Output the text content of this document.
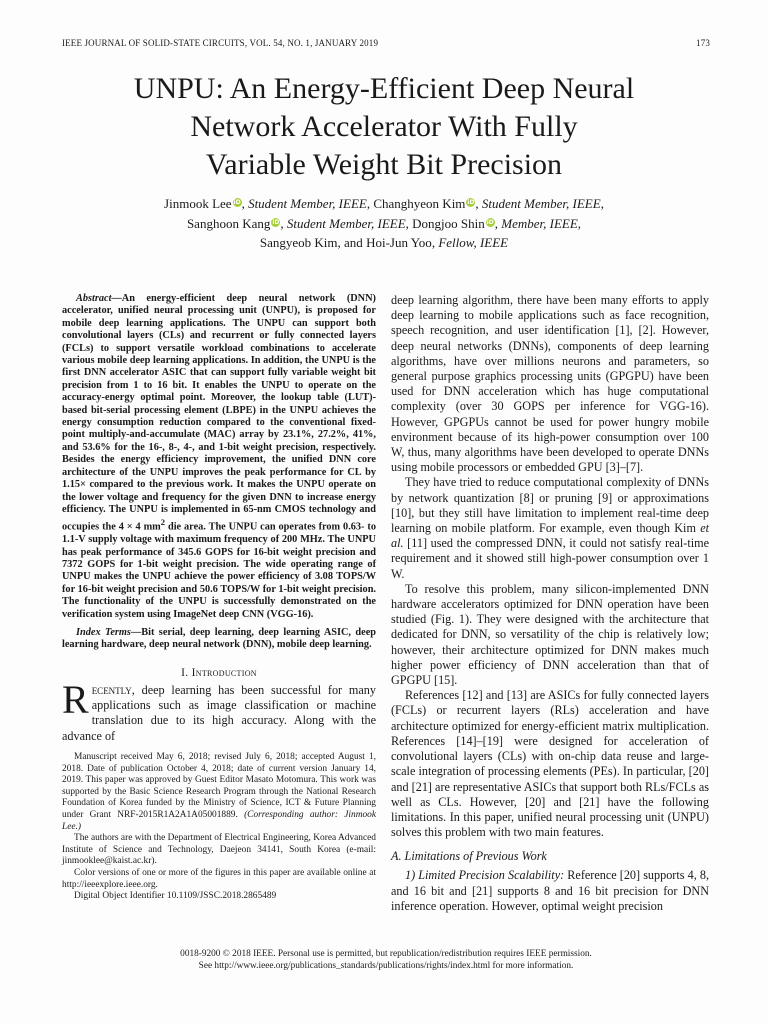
IEEE JOURNAL OF SOLID-STATE CIRCUITS, VOL. 54, NO. 1, JANUARY 2019	173
UNPU: An Energy-Efficient Deep Neural
Network Accelerator With Fully
Variable Weight Bit Precision
Jinmook Lee iD, Student Member, IEEE, Changhyeon Kim iD, Student Member, IEEE,
Sanghoon Kang iD, Student Member, IEEE, Dongjoo Shin iD, Member, IEEE,
Sangyeob Kim, and Hoi-Jun Yoo, Fellow, IEEE
Abstract—An energy-efficient deep neural network (DNN) accelerator, unified neural processing unit (UNPU), is proposed for mobile deep learning applications. The UNPU can support both convolutional layers (CLs) and recurrent or fully connected layers (FCLs) to support versatile workload combinations to accelerate various mobile deep learning applications. In addition, the UNPU is the first DNN accelerator ASIC that can support fully variable weight bit precision from 1 to 16 bit. It enables the UNPU to operate on the accuracy-energy optimal point. Moreover, the lookup table (LUT)-based bit-serial processing element (LBPE) in the UNPU achieves the energy consumption reduction compared to the conventional fixed-point multiply-and-accumulate (MAC) array by 23.1%, 27.2%, 41%, and 53.6% for the 16-, 8-, 4-, and 1-bit weight precision, respectively. Besides the energy efficiency improvement, the unified DNN core architecture of the UNPU improves the peak performance for CL by 1.15× compared to the previous work. It makes the UNPU operate on the lower voltage and frequency for the given DNN to increase energy efficiency. The UNPU is implemented in 65-nm CMOS technology and occupies the 4 × 4 $mm^2$ die area. The UNPU can operates from 0.63- to 1.1-V supply voltage with maximum frequency of 200 MHz. The UNPU has peak performance of 345.6 GOPS for 16-bit weight precision and 7372 GOPS for 1-bit weight precision. The wide operating range of UNPU makes the UNPU achieve the power efficiency of 3.08 TOPS/W for 16-bit weight precision and 50.6 TOPS/W for 1-bit weight precision. The functionality of the UNPU is successfully demonstrated on the verification system using ImageNet deep CNN (VGG-16).
Index Terms—Bit serial, deep learning, deep learning ASIC, deep learning hardware, deep neural network (DNN), mobile deep learning.
I. Introduction
Recently, deep learning has been successful for many applications such as image classification or machine translation due to its high accuracy. Along with the advance of

Manuscript received May 6, 2018; revised July 6, 2018; accepted August 1, 2018. Date of publication October 4, 2018; date of current version January 14, 2019. This paper was approved by Guest Editor Masato Motomura. This work was supported by the Basic Science Research Program through the National Research Foundation of Korea funded by the Ministry of Science, ICT & Future Planning under Grant NRF-2015R1A2A1A05001889. (Corresponding author: Jinmook Lee.)

The authors are with the Department of Electrical Engineering, Korea Advanced Institute of Science and Technology, Daejeon 34141, South Korea (e-mail: jinmooklee@kaist.ac.kr).

Color versions of one or more of the figures in this paper are available online at http://ieeexplore.ieee.org.

Digital Object Identifier 10.1109/JSSC.2018.2865489

deep learning algorithm, there have been many efforts to apply deep learning to mobile applications such as face recognition, speech recognition, and user identification [1], [2]. However, deep neural networks (DNNs), components of deep learning algorithms, have over millions neurons and parameters, so general purpose graphics processing units (GPGPU) have been used for DNN acceleration which has huge computational complexity (over 30 GOPS per inference for VGG-16). However, GPGPUs cannot be used for power hungry mobile environment because of its high-power consumption over 100 W, thus, many algorithms have been developed to operate DNNs using mobile processors or embedded GPU [3]–[7].

They have tried to reduce computational complexity of DNNs by network quantization [8] or pruning [9] or approximations [10], but they still have limitation to implement real-time deep learning on mobile platform. For example, even though Kim et al. [11] used the compressed DNN, it could not satisfy real-time requirement and it showed still high-power consumption over 1 W.

To resolve this problem, many silicon-implemented DNN hardware accelerators optimized for DNN operation have been studied (Fig. 1). They were designed with the architecture that dedicated for DNN, so versatility of the chip is relatively low; however, their architecture optimized for DNN makes much higher power efficiency of DNN acceleration than that of GPGPU [15].

References [12] and [13] are ASICs for fully connected layers (FCLs) or recurrent layers (RLs) acceleration and have architecture optimized for energy-efficient matrix multiplication. References [14]–[19] were designed for acceleration of convolutional layers (CLs) with on-chip data reuse and large-scale integration of processing elements (PEs). In particular, [20] and [21] are representative ASICs that support both RLs/FCLs as well as CLs. However, [20] and [21] have the following limitations. In this paper, unified neural processing unit (UNPU) solves this problem with two main features.

A. Limitations of Previous Work

1) Limited Precision Scalability: Reference [20] supports 4, 8, and 16 bit and [21] supports 8 and 16 bit precision for DNN inference operation. However, optimal weight precision

0018-9200 © 2018 IEEE. Personal use is permitted, but republication/redistribution requires IEEE permission.
See http://www.ieee.org/publications_standards/publications/rights/index.html for more information.
